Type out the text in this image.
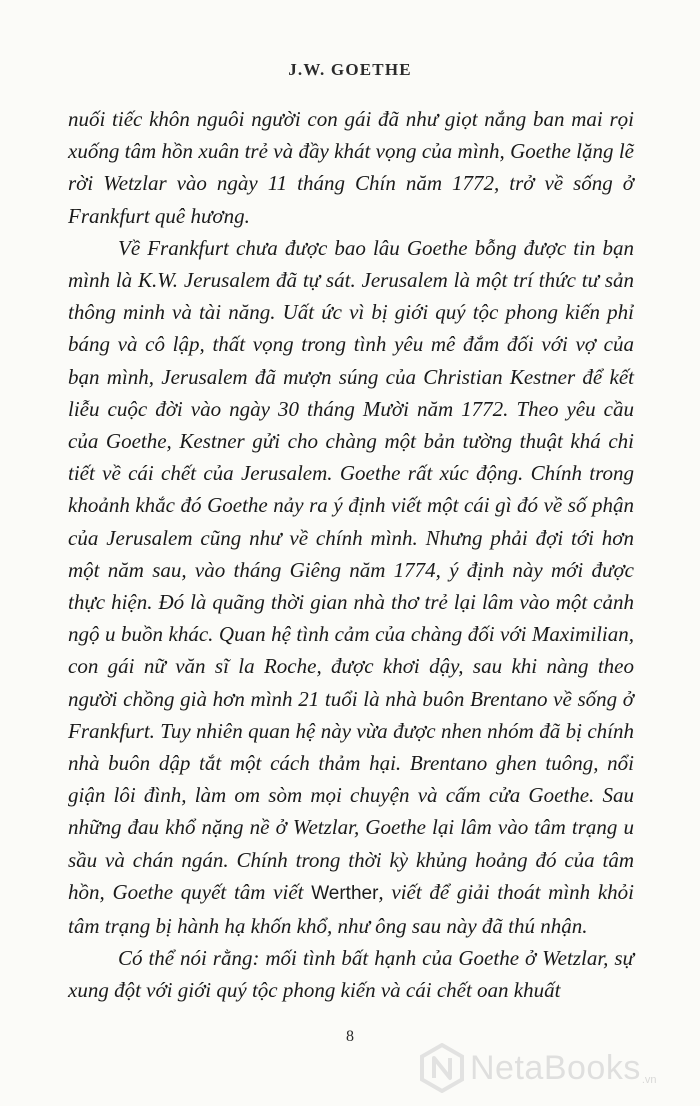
J.W. GOETHE

nuối tiếc khôn nguôi người con gái đã như giọt nắng ban mai rọi xuống tâm hồn xuân trẻ và đầy khát vọng của mình, Goethe lặng lẽ rời Wetzlar vào ngày 11 tháng Chín năm 1772, trở về sống ở Frankfurt quê hương.

Về Frankfurt chưa được bao lâu Goethe bỗng được tin bạn mình là K.W. Jerusalem đã tự sát. Jerusalem là một trí thức tư sản thông minh và tài năng. Uất ức vì bị giới quý tộc phong kiến phỉ báng và cô lập, thất vọng trong tình yêu mê đắm đối với vợ của bạn mình, Jerusalem đã mượn súng của Christian Kestner để kết liễu cuộc đời vào ngày 30 tháng Mười năm 1772. Theo yêu cầu của Goethe, Kestner gửi cho chàng một bản tường thuật khá chi tiết về cái chết của Jerusalem. Goethe rất xúc động. Chính trong khoảnh khắc đó Goethe nảy ra ý định viết một cái gì đó về số phận của Jerusalem cũng như về chính mình. Nhưng phải đợi tới hơn một năm sau, vào tháng Giêng năm 1774, ý định này mới được thực hiện. Đó là quãng thời gian nhà thơ trẻ lại lâm vào một cảnh ngộ u buồn khác. Quan hệ tình cảm của chàng đối với Maximilian, con gái nữ văn sĩ la Roche, được khơi dậy, sau khi nàng theo người chồng già hơn mình 21 tuổi là nhà buôn Brentano về sống ở Frankfurt. Tuy nhiên quan hệ này vừa được nhen nhóm đã bị chính nhà buôn dập tắt một cách thảm hại. Brentano ghen tuông, nổi giận lôi đình, làm om sòm mọi chuyện và cấm cửa Goethe. Sau những đau khổ nặng nề ở Wetzlar, Goethe lại lâm vào tâm trạng u sầu và chán ngán. Chính trong thời kỳ khủng hoảng đó của tâm hồn, Goethe quyết tâm viết Werther, viết để giải thoát mình khỏi tâm trạng bị hành hạ khốn khổ, như ông sau này đã thú nhận.

Có thể nói rằng: mối tình bất hạnh của Goethe ở Wetzlar, sự xung đột với giới quý tộc phong kiến và cái chết oan khuất

8
NetaBooks .vn
